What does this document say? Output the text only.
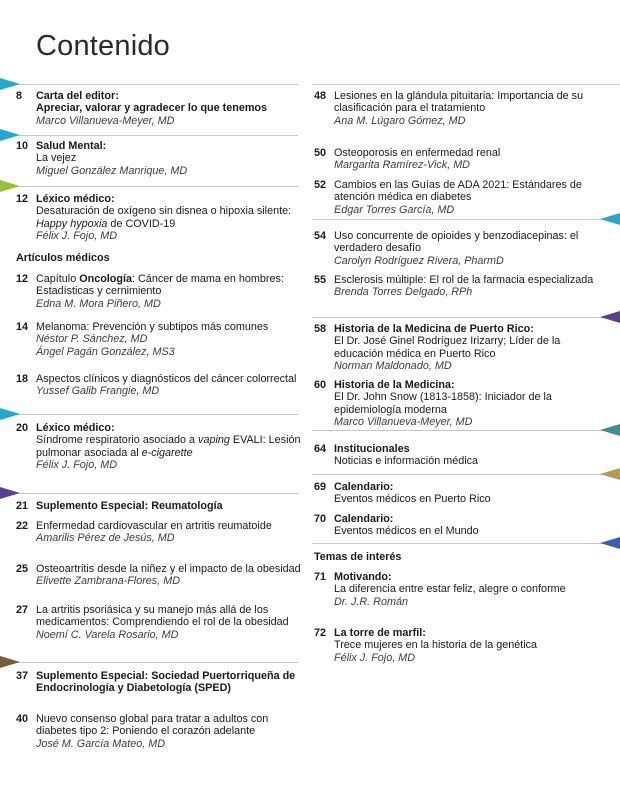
Contenido
8	Carta del editor:
Apreciar, valorar y agradecer lo que tenemos
Marco Villanueva-Meyer, MD
10 Salud Mental:
La vejez
Miguel González Manrique, MD
12 Léxico médico:
Desaturación de oxígeno sin disnea o hipoxia silente: Happy hypoxia de COVID-19
Félix J. Fojo, MD
12 Capítulo Oncología: Cáncer de mama en hombres: Estadísticas y cernimiento
Edna M. Mora Piñero, MD
14 Melanoma: Prevención y subtipos más comunes
Néstor P. Sánchez, MD
Ángel Pagán González, MS3
18 Aspectos clínicos y diagnósticos del cáncer colorrectal
Yussef Galib Frangie, MD
20 Léxico médico:
Síndrome respiratorio asociado a vaping EVALI: Lesión pulmonar asociada al e-cigarette
Félix J. Fojo, MD
21 Suplemento Especial: Reumatología
22 Enfermedad cardiovascular en artritis reumatoide
Amarilis Pérez de Jesús, MD
25 Osteoartritis desde la niñez y el impacto de la obesidad
Elivette Zambrana-Flores, MD
27 La artritis psoriásica y su manejo más allá de los medicamentos: Comprendiendo el rol de la obesidad
Noemí C. Varela Rosario, MD
37 Suplemento Especial: Sociedad Puertorriqueña de Endocrinología y Diabetología (SPED)
40 Nuevo consenso global para tratar a adultos con diabetes tipo 2: Poniendo el corazón adelante
José M. García Mateo, MD
Artículos médicos
48 Lesiones en la glándula pituitaria: Importancia de su clasificación para el tratamiento
Ana M. Lúgaro Gómez, MD
50 Osteoporosis en enfermedad renal
Margarita Ramírez-Vick, MD
52 Cambios en las Guías de ADA 2021: Estándares de atención médica en diabetes
Edgar Torres García, MD
54 Uso concurrente de opioides y benzodiacepinas: el verdadero desafío
Carolyn Rodríguez Rivera, PharmD
55 Esclerosis múltiple: El rol de la farmacia especializada
Brenda Torres Delgado, RPh
58 Historia de la Medicina de Puerto Rico:
El Dr. José Ginel Rodríguez Irizarry; Líder de la educación médica en Puerto Rico
Norman Maldonado, MD
60 Historia de la Medicina:
El Dr. John Snow (1813-1858): Iniciador de la epidemiología moderna
Marco Villanueva-Meyer, MD
64 Institucionales
Noticias e información médica
69 Calendario:
Eventos médicos en Puerto Rico
70 Calendario:
Eventos médicos en el Mundo
71 Motivando:
La diferencia entre estar feliz, alegre o conforme
Dr. J.R. Román
72 La torre de marfil:
Trece mujeres en la historia de la genética
Félix J. Fojo, MD
Temas de interés
